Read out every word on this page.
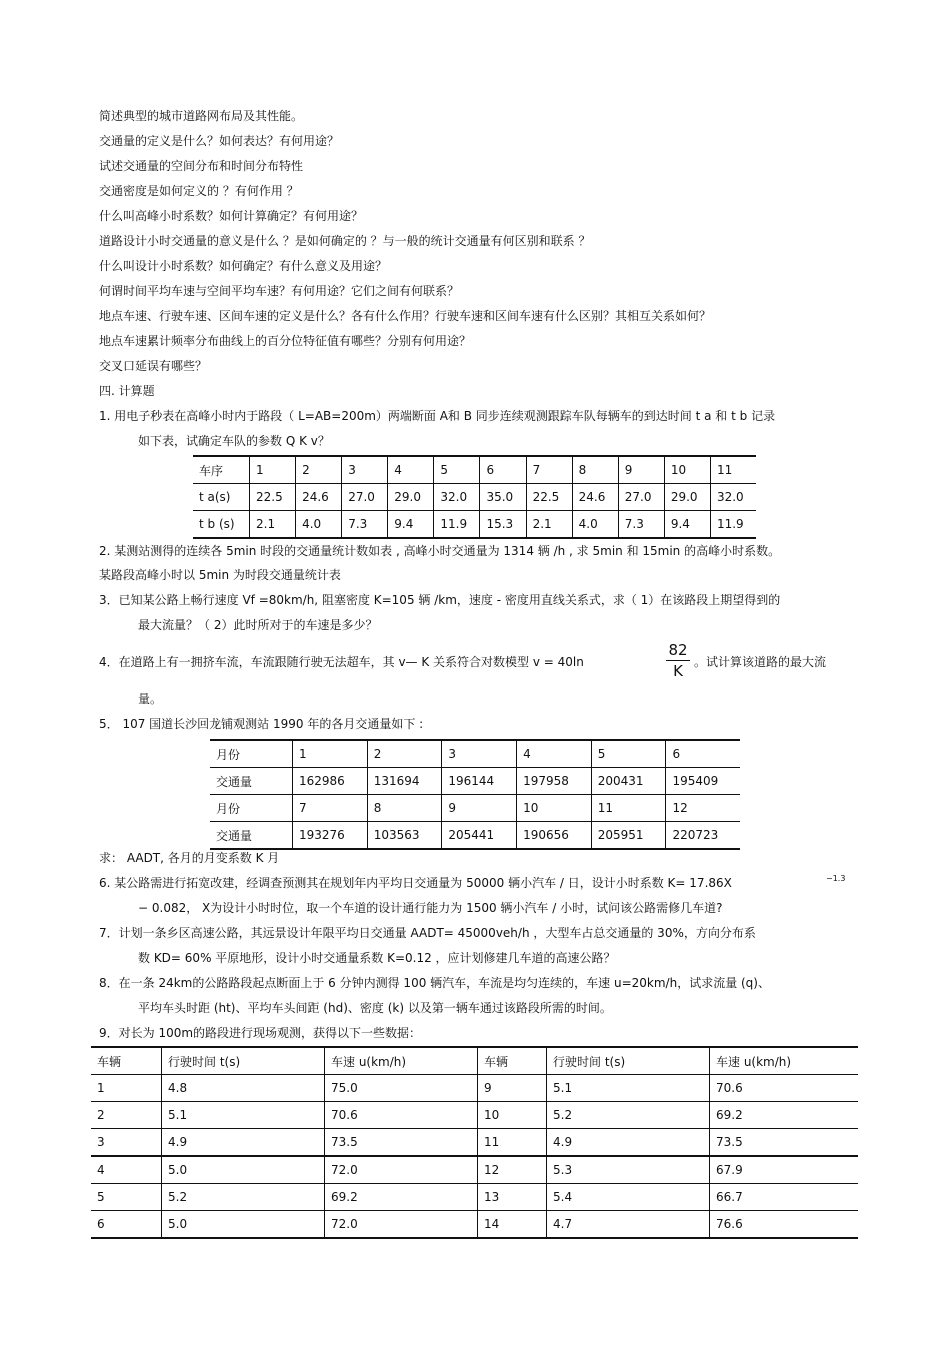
简述典型的城市道路网布局及其性能。
交通量的定义是什么？如何表达？有何用途？
试述交通量的空间分布和时间分布特性
交通密度是如何定义的 ？有何作用 ？
什么叫高峰小时系数？如何计算确定？有何用途？
道路设计小时交通量的意义是什么 ？是如何确定的 ？与一般的统计交通量有何区别和联系 ？
什么叫设计小时系数？如何确定？有什么意义及用途？
何谓时间平均车速与空间平均车速？有何用途？它们之间有何联系？
地点车速、行驶车速、区间车速的定义是什么？各有什么作用？行驶车速和区间车速有什么区别？其相互关系如何？
地点车速累计频率分布曲线上的百分位特征值有哪些？分别有何用途？
交叉口延误有哪些？
四. 计算题
1. 用电子秒表在高峰小时内于路段（ L=AB=200m）两端断面 A和 B 同步连续观测跟踪车队每辆车的到达时间 t a 和 t b 记录
如下表，试确定车队的参数 Q K v？
车序	1	2	3	4	5	6	7	8	9	10	11
t a(s)	22.5	24.6	27.0	29.0	32.0	35.0	22.5	24.6	27.0	29.0	32.0
t b (s)	2.1	4.0	7.3	9.4	11.9	15.3	2.1	4.0	7.3	9.4	11.9
2. 某测站测得的连续各 5min 时段的交通量统计数如表 , 高峰小时交通量为 1314 辆 /h , 求 5min 和 15min 的高峰小时系数。
某路段高峰小时以 5min 为时段交通量统计表
3．已知某公路上畅行速度 Vf =80km/h, 阻塞密度 K=105 辆 /km，速度 - 密度用直线关系式，求（ 1）在该路段上期望得到的
最大流量？（ 2）此时所对于的车速是多少？
4．在道路上有一拥挤车流，车流跟随行驶无法超车，其 v— K 关系符合对数模型 v = 40ln
82
K 。试计算该道路的最大流
量。
5． 107 国道长沙回龙铺观测站 1990 年的各月交通量如下 :
月份	1	2	3	4	5	6
交通量	162986	131694	196144	197958	200431	195409
月份	7	8	9	10	11	12
交通量	193276	103563	205441	190656	205951	220723
求： AADT, 各月的月变系数 K 月
6. 某公路需进行拓宽改建，经调查预测其在规划年内平均日交通量为 50000 辆小汽车 / 日，设计小时系数 K= 17.86X	−1.3
− 0.082， X为设计小时时位，取一个车道的设计通行能力为 1500 辆小汽车 / 小时，试问该公路需修几车道?
7．计划一条乡区高速公路，其远景设计年限平均日交通量 AADT= 45000veh/h ，大型车占总交通量的 30%，方向分布系
数 KD= 60% 平原地形，设计小时交通量系数 K=0.12 ，应计划修建几车道的高速公路？
8．在一条 24km的公路路段起点断面上于 6 分钟内测得 100 辆汽车，车流是均匀连续的，车速 u=20km/h，试求流量 (q)、
平均车头时距 (ht)、平均车头间距 (hd)、密度 (k) 以及第一辆车通过该路段所需的时间。
9．对长为 100m的路段进行现场观测，获得以下一些数据：
车辆	行驶时间 t(s)	车速 u(km/h)	车辆	行驶时间 t(s)	车速 u(km/h)
1	4.8	75.0	9	5.1	70.6
2	5.1	70.6	10	5.2	69.2
3	4.9	73.5	11	4.9	73.5
4	5.0	72.0	12	5.3	67.9
5	5.2	69.2	13	5.4	66.7
6	5.0	72.0	14	4.7	76.6
